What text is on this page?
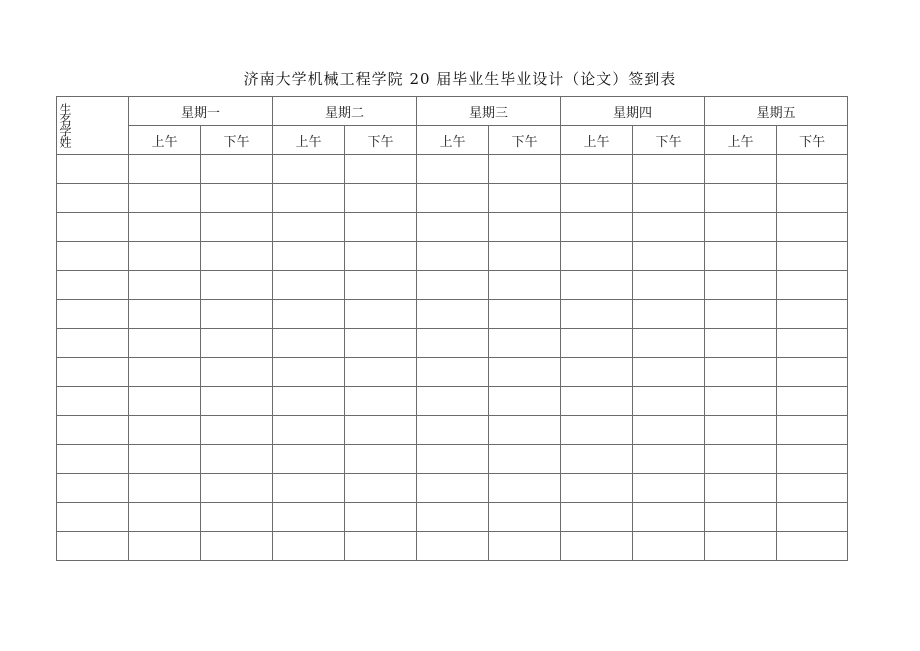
济南大学机械工程学院 20 届毕业生毕业设计（论文）签到表
生名学姓	星期一		星期二		星期三		星期四		星期五	
	上午	下午	上午	下午	上午	下午	上午	下午	上午	下午
